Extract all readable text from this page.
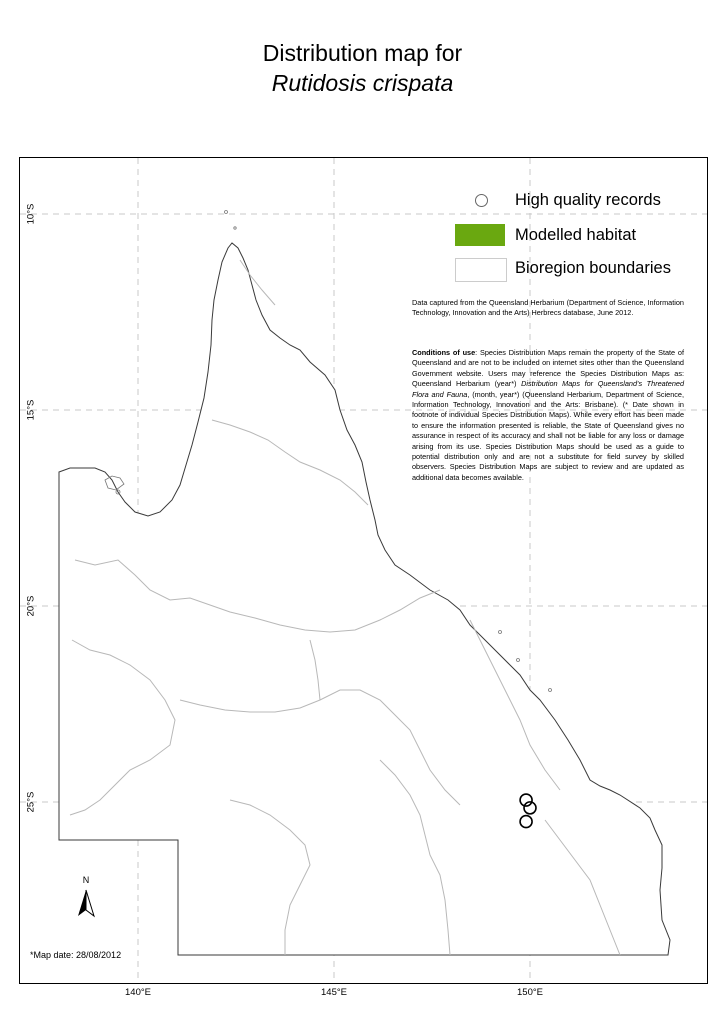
Distribution map for
Rutidosis crispata
140°E	145°E	150°E
10°S
15°S
20°S
25°S
High quality records
Modelled habitat
Bioregion boundaries
Data captured from the Queensland Herbarium (Department of Science, Information Technology, Innovation and the Arts) Herbrecs database, June 2012.
Conditions of use: Species Distribution Maps remain the property of the State of Queensland and are not to be included on internet sites other than the Queensland Government website. Users may reference the Species Distribution Maps as: Queensland Herbarium (year*) Distribution Maps for Queensland's Threatened Flora and Fauna, (month, year*) (Queensland Herbarium, Department of Science, Information Technology, Innovation and the Arts: Brisbane). (* Date shown in footnote of individual Species Distribution Maps). While every effort has been made to ensure the information presented is reliable, the State of Queensland gives no assurance in respect of its accuracy and shall not be liable for any loss or damage arising from its use. Species Distribution Maps should be used as a guide to potential distribution only and are not a substitute for field survey by skilled observers. Species Distribution Maps are subject to review and are updated as additional data becomes available.
N
*Map date: 28/08/2012
